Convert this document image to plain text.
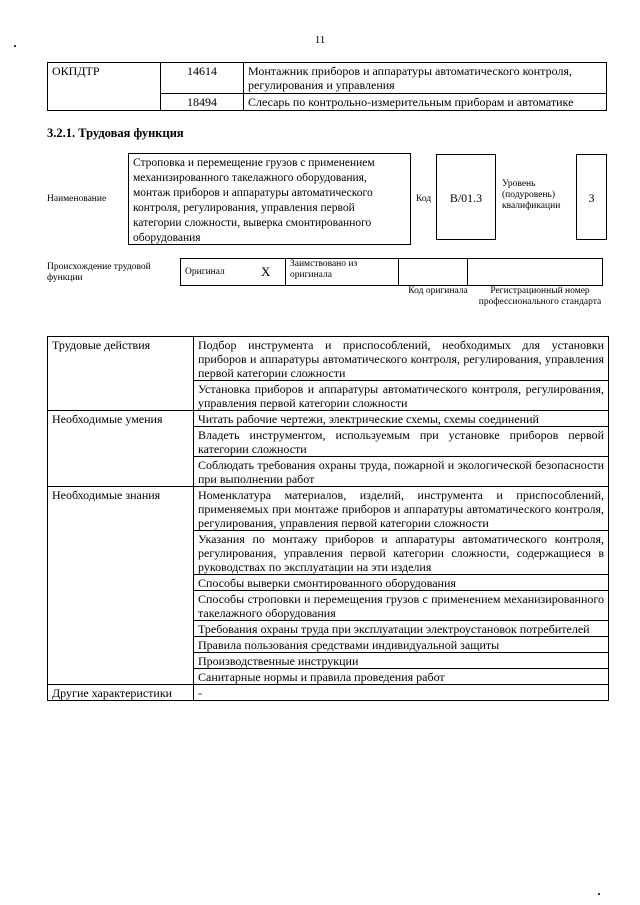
11
ОКПДТР	14614	Монтажник приборов и аппаратуры автоматического контроля, регулирования и управления
	18494	Слесарь по контрольно-измерительным приборам и автоматике
3.2.1. Трудовая функция
Наименование
Строповка и перемещение грузов с применением механизированного такелажного оборудования, монтаж приборов и аппаратуры автоматического контроля, регулирования, управления первой категории сложности, выверка смонтированного оборудования
Код	B/01.3
Уровень (подуровень) квалификации
3
Происхождение трудовой функции
Оригинал	X	Заимствовано из оригинала		
Код оригинала	Регистрационный номер профессионального стандарта
Трудовые действия	Подбор инструмента и приспособлений, необходимых для установки приборов и аппаратуры автоматического контроля, регулирования, управления первой категории сложности
	Установка приборов и аппаратуры автоматического контроля, регулирования, управления первой категории сложности
Необходимые умения	Читать рабочие чертежи, электрические схемы, схемы соединений
	Владеть инструментом, используемым при установке приборов первой категории сложности
	Соблюдать требования охраны труда, пожарной и экологической безопасности при выполнении работ
Необходимые знания	Номенклатура материалов, изделий, инструмента и приспособлений, применяемых при монтаже приборов и аппаратуры автоматического контроля, регулирования, управления первой категории сложности
	Указания по монтажу приборов и аппаратуры автоматического контроля, регулирования, управления первой категории сложности, содержащиеся в руководствах по эксплуатации на эти изделия
	Способы выверки смонтированного оборудования
	Способы строповки и перемещения грузов с применением механизированного такелажного оборудования
	Требования охраны труда при эксплуатации электроустановок потребителей
	Правила пользования средствами индивидуальной защиты
	Производственные инструкции
	Санитарные нормы и правила проведения работ
Другие характеристики	-
